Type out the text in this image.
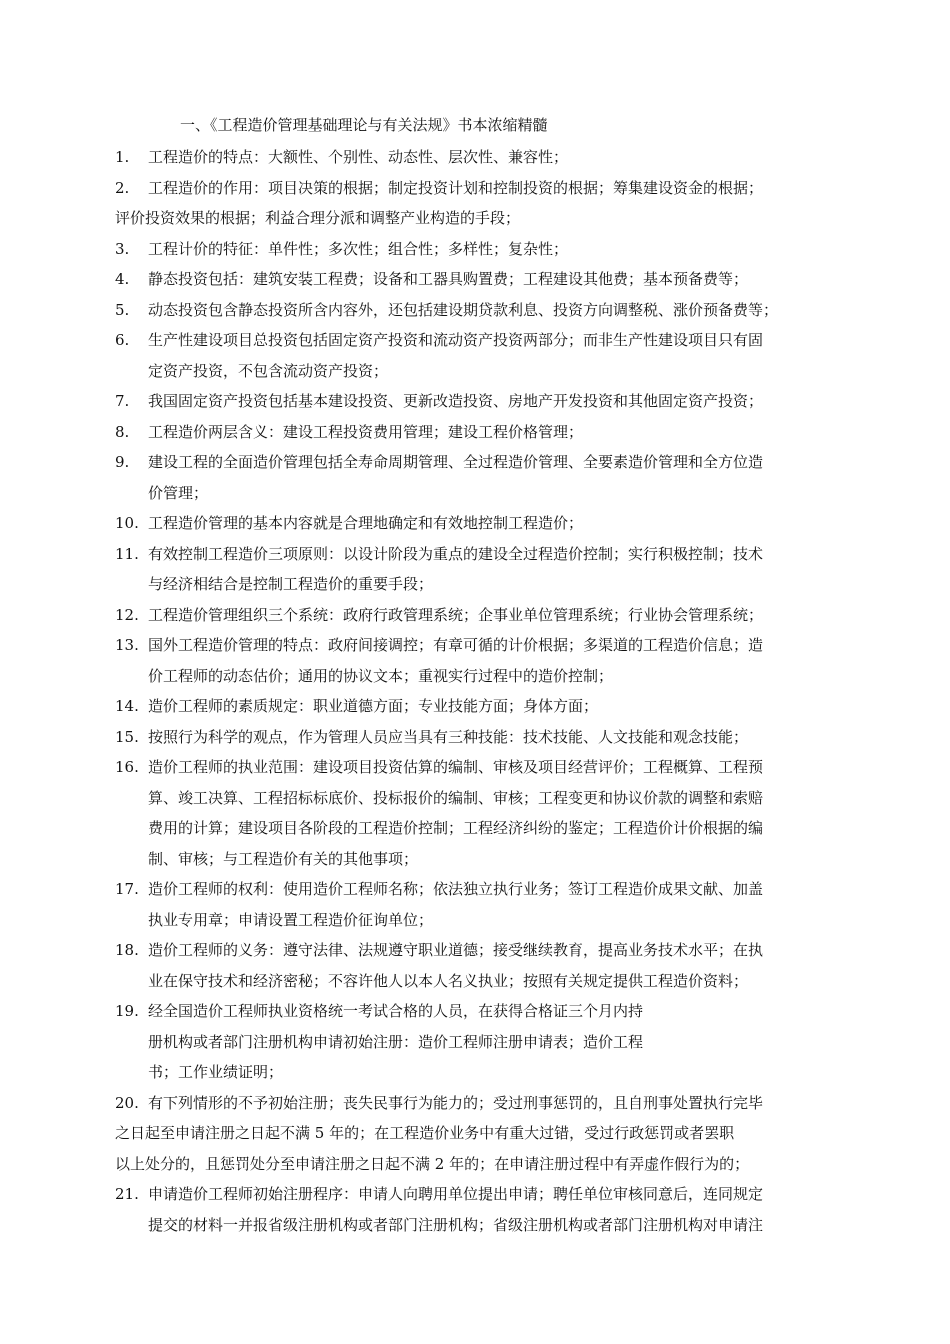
一、《工程造价管理基础理论与有关法规》书本浓缩精髓
1.	工程造价的特点：大额性、个别性、动态性、层次性、兼容性；

2.	工程造价的作用：项目决策的根据；制定投资计划和控制投资的根据；筹集建设资金的根据；

评价投资效果的根据；利益合理分派和调整产业构造的手段；

3.	工程计价的特征：单件性；多次性；组合性；多样性；复杂性；

4.	静态投资包括：建筑安装工程费；设备和工器具购置费；工程建设其他费；基本预备费等；

5.	动态投资包含静态投资所含内容外，还包括建设期贷款利息、投资方向调整税、涨价预备费等；

6.	生产性建设项目总投资包括固定资产投资和流动资产投资两部分；而非生产性建设项目只有固

定资产投资，不包含流动资产投资；

7.	我国固定资产投资包括基本建设投资、更新改造投资、房地产开发投资和其他固定资产投资；

8.	工程造价两层含义：建设工程投资费用管理；建设工程价格管理；

9.	建设工程的全面造价管理包括全寿命周期管理、全过程造价管理、全要素造价管理和全方位造

价管理；

10. 工程造价管理的基本内容就是合理地确定和有效地控制工程造价；

11. 有效控制工程造价三项原则：以设计阶段为重点的建设全过程造价控制；实行积极控制；技术

与经济相结合是控制工程造价的重要手段；

12. 工程造价管理组织三个系统：政府行政管理系统；企事业单位管理系统；行业协会管理系统；

13. 国外工程造价管理的特点：政府间接调控；有章可循的计价根据；多渠道的工程造价信息；造

价工程师的动态估价；通用的协议文本；重视实行过程中的造价控制；

14. 造价工程师的素质规定：职业道德方面；专业技能方面；身体方面；

15. 按照行为科学的观点，作为管理人员应当具有三种技能：技术技能、人文技能和观念技能；

16. 造价工程师的执业范围：建设项目投资估算的编制、审核及项目经营评价；工程概算、工程预

算、竣工决算、工程招标标底价、投标报价的编制、审核；工程变更和协议价款的调整和索赔

费用的计算；建设项目各阶段的工程造价控制；工程经济纠纷的鉴定；工程造价计价根据的编

制、审核；与工程造价有关的其他事项；

17. 造价工程师的权利：使用造价工程师名称；依法独立执行业务；签订工程造价成果文献、加盖

执业专用章；申请设置工程造价征询单位；

18. 造价工程师的义务：遵守法律、法规遵守职业道德；接受继续教育，提高业务技术水平；在执

业在保守技术和经济密秘；不容许他人以本人名义执业；按照有关规定提供工程造价资料；

19. 经全国造价工程师执业资格统一考试合格的人员，在获得合格证三个月内持

册机构或者部门注册机构申请初始注册：造价工程师注册申请表；造价工程

书；工作业绩证明；

20. 有下列情形的不予初始注册；丧失民事行为能力的；受过刑事惩罚的，且自刑事处置执行完毕

之日起至申请注册之日起不满 5 年的；在工程造价业务中有重大过错，受过行政惩罚或者罢职

以上处分的，且惩罚处分至申请注册之日起不满 2 年的；在申请注册过程中有弄虚作假行为的；

21. 申请造价工程师初始注册程序：申请人向聘用单位提出申请；聘任单位审核同意后，连同规定

提交的材料一并报省级注册机构或者部门注册机构；省级注册机构或者部门注册机构对申请注
